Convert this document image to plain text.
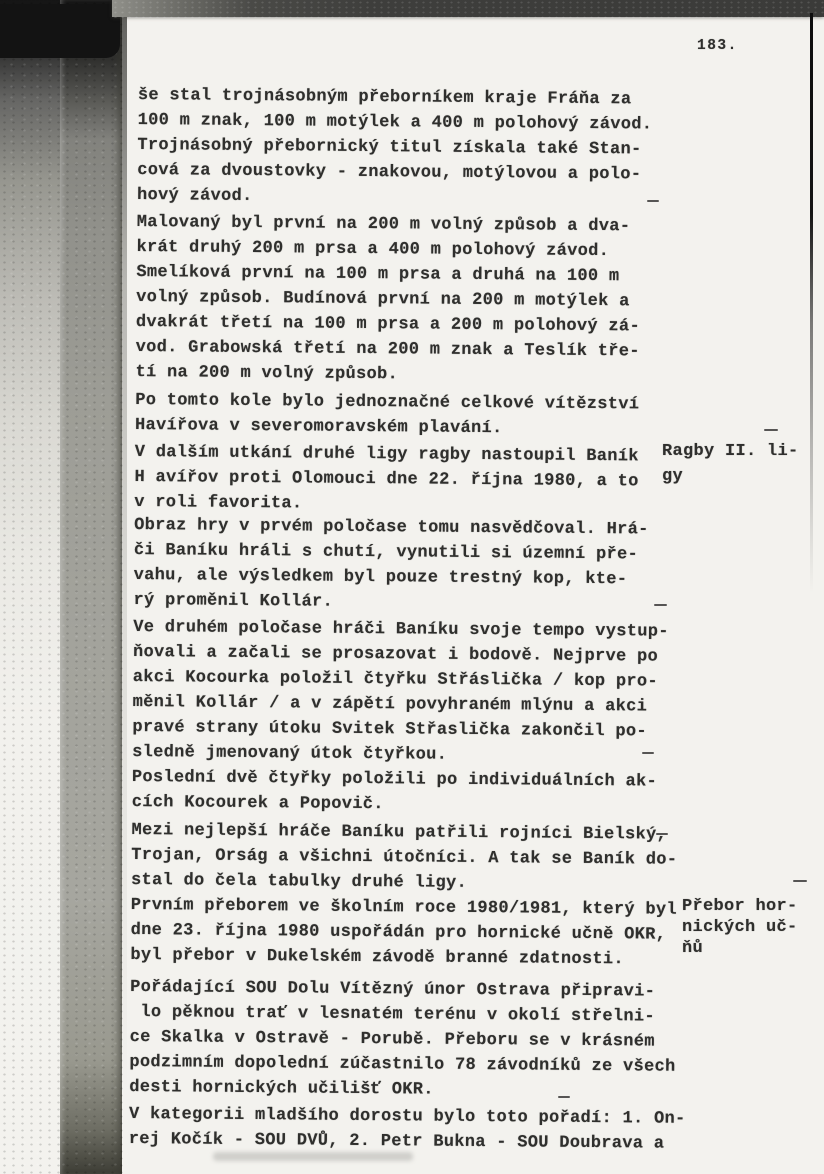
183.
še stal trojnásobným přeborníkem kraje Fráňa za
100 m znak, 100 m motýlek a 400 m polohový závod.
Trojnásobný přebornický titul získala také Stan-
cová za dvoustovky - znakovou, motýlovou a polo-
hový závod.
Malovaný byl první na 200 m volný způsob a dva-
krát druhý 200 m prsa a 400 m polohový závod.
Smelíková první na 100 m prsa a druhá na 100 m
volný způsob. Budínová první na 200 m motýlek a
dvakrát třetí na 100 m prsa a 200 m polohový zá-
vod. Grabowská třetí na 200 m znak a Teslík tře-
tí na 200 m volný způsob.
Po tomto kole bylo jednoznačné celkové vítězství
Havířova v severomoravském plavání.
V dalším utkání druhé ligy ragby nastoupil Baník
H avířov proti Olomouci dne 22. října 1980, a to
v roli favorita.
Obraz hry v prvém poločase tomu nasvědčoval. Hrá-
či Baníku hráli s chutí, vynutili si územní pře-
vahu, ale výsledkem byl pouze trestný kop, kte-
rý proměnil Kollár.
Ve druhém poločase hráči Baníku svoje tempo vystup-
ňovali a začali se prosazovat i bodově. Nejprve po
akci Kocourka položil čtyřku Střáslička / kop pro-
měnil Kollár / a v zápětí povyhraném mlýnu a akci
pravé strany útoku Svitek Střaslička zakončil po-
sledně jmenovaný útok čtyřkou.
Poslední dvě čtyřky položili po individuálních ak-
cích Kocourek a Popovič.
Mezi nejlepší hráče Baníku patřili rojníci Bielský,
Trojan, Orság a všichni útočníci. A tak se Baník do-
stal do čela tabulky druhé ligy.
Prvním přeborem ve školním roce 1980/1981, který byl
dne 23. října 1980 uspořádán pro hornické učně OKR,
byl přebor v Dukelském závodě branné zdatnosti.
Pořádající SOU Dolu Vítězný únor Ostrava připravi-
lo pěknou trať v lesnatém terénu v okolí střelni-
ce Skalka v Ostravě - Porubě. Přeboru se v krásném
podzimním dopolední zúčastnilo 78 závodníků ze všech
desti hornických učilišť OKR.
V kategorii mladšího dorostu bylo toto pořadí: 1. On-
rej Kočík - SOU DVŮ, 2. Petr Bukna - SOU Doubrava a
Ragby II. li-
gy
Přebor hor-
nických uč-
ňů
